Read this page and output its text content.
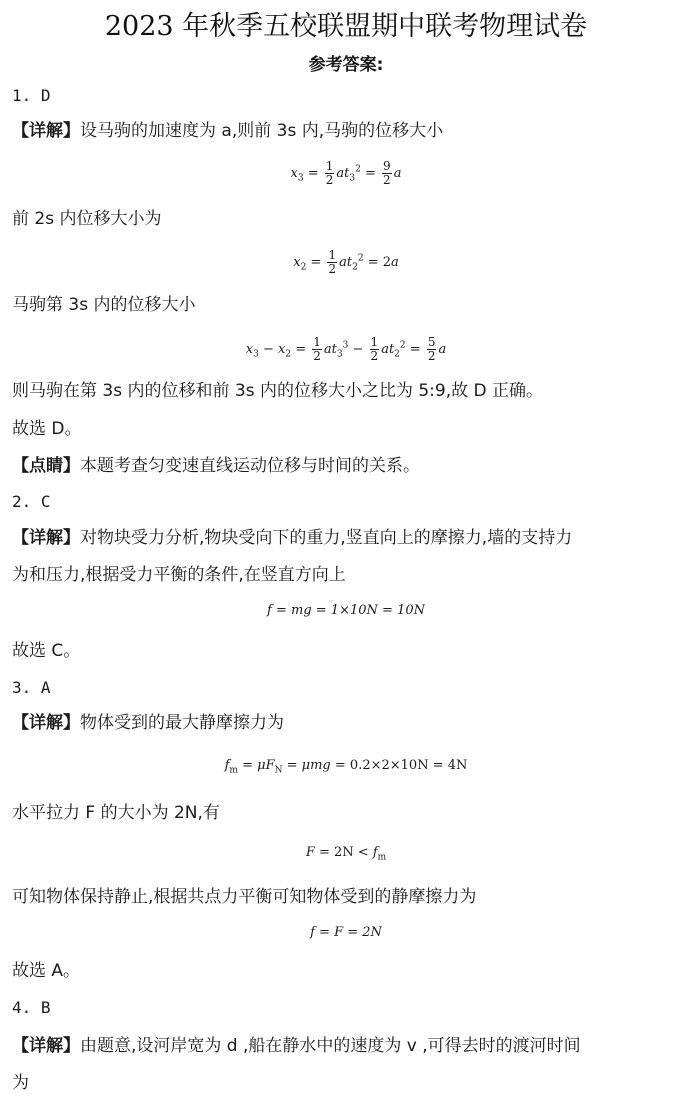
2023 年秋季五校联盟期中联考物理试卷
参考答案:
1. D
【详解】设马驹的加速度为 a,则前 3s 内,马驹的位移大小
$x_3 = \frac{1}{2} at_3^2 = \frac{9}{2}$ a
前 2s 内位移大小为
$x_2 = \frac{1}{2} at_2^2 = 2a$
马驹第 3s 内的位移大小
$x_3 - x_2 = \frac{1}{2} at_3^3 - \frac{1}{2} at_2^2 = \frac{5}{2}$ a
则马驹在第 3s 内的位移和前 3s 内的位移大小之比为 5:9,故 D 正确。
故选 D。
【点睛】本题考查匀变速直线运动位移与时间的关系。
2. C
【详解】对物块受力分析,物块受向下的重力,竖直向上的摩擦力,墙的支持力
为和压力,根据受力平衡的条件,在竖直方向上
f = mg = 1×10N = 10N
故选 C。
3. A
【详解】物体受到的最大静摩擦力为
$f_m = \mu F_N = \mu mg = 0.2\times 2\times 10N = 4N$
水平拉力 F 的大小为 2N,有
$F = 2N < f_m$
可知物体保持静止,根据共点力平衡可知物体受到的静摩擦力为
f = F = 2N
故选 A。
4. B
【详解】由题意,设河岸宽为 d ,船在静水中的速度为 v ,可得去时的渡河时间
为
